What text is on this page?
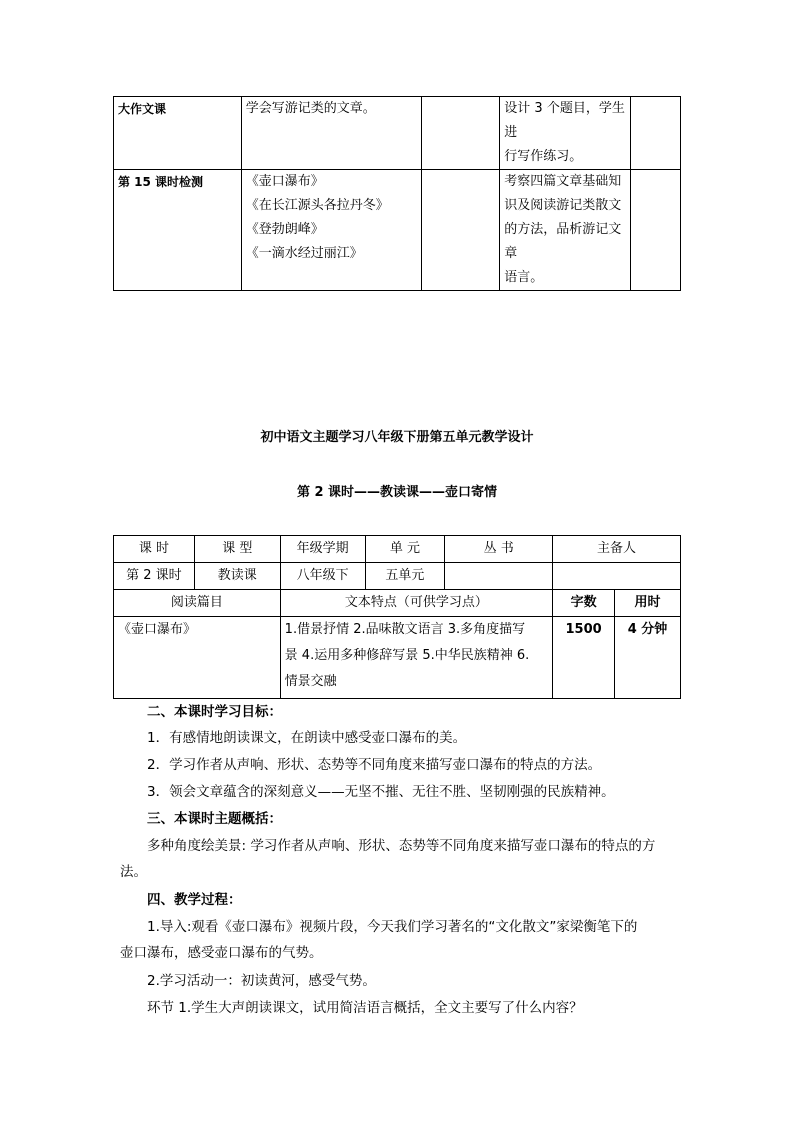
大作文课	学会写游记类的文章。		设计 3 个题目，学生进
行写作练习。	

第 15 课时检测	《壶口瀑布》
《在长江源头各拉丹冬》
《登勃朗峰》
《一滴水经过丽江》		考察四篇文章基础知
识及阅读游记类散文
的方法，品析游记文章
语言。	

初中语文主题学习八年级下册第五单元教学设计
第 2 课时——教读课——壶口寄情
课 时	课 型	年级学期	单 元	丛 书	主备人	
第 2 课时	教读课	八年级下	五单元			
阅读篇目		文本特点（可供学习点）			字数	用时
《壶口瀑布》		1.借景抒情 2.品味散文语言 3.多角度描写
景 4.运用多种修辞写景 5.中华民族精神 6.
情景交融			1500	4 分钟
二、本课时学习目标：
1．有感情地朗读课文，在朗读中感受壶口瀑布的美。
2．学习作者从声响、形状、态势等不同角度来描写壶口瀑布的特点的方法。
3．领会文章蕴含的深刻意义——无坚不摧、无往不胜、坚韧刚强的民族精神。
三、本课时主题概括：
多种角度绘美景: 学习作者从声响、形状、态势等不同角度来描写壶口瀑布的特点的方
法。
四、教学过程：
1.导入:观看《壶口瀑布》视频片段，今天我们学习著名的“文化散文”家梁衡笔下的
壶口瀑布，感受壶口瀑布的气势。
2.学习活动一：初读黄河，感受气势。
环节 1.学生大声朗读课文，试用简洁语言概括，全文主要写了什么内容？
